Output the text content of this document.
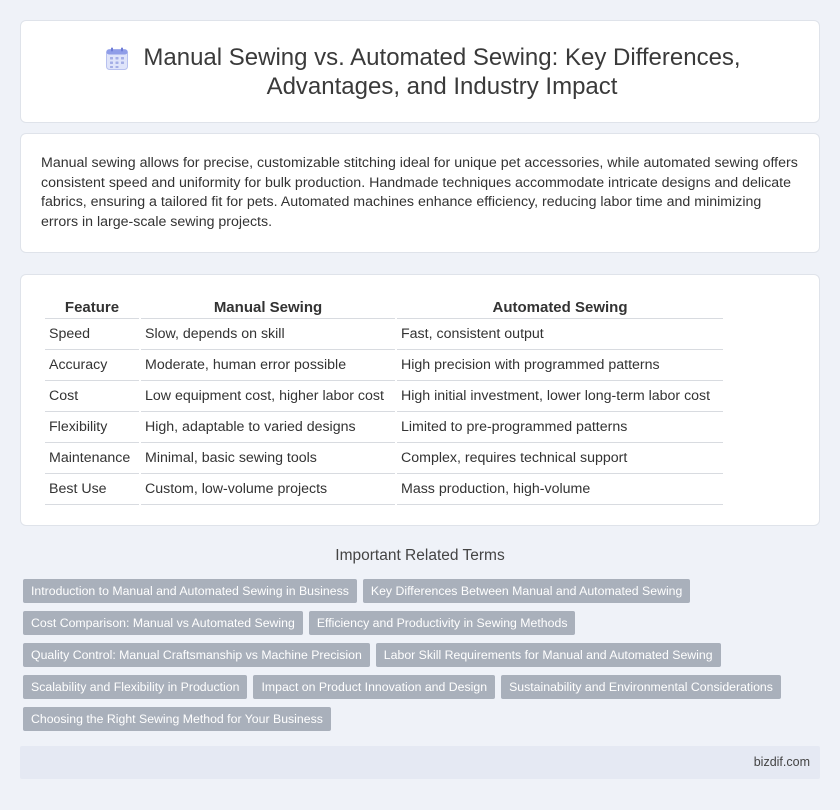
Manual Sewing vs. Automated Sewing: Key Differences, Advantages, and Industry Impact

Manual sewing allows for precise, customizable stitching ideal for unique pet accessories, while automated sewing offers consistent speed and uniformity for bulk production. Handmade techniques accommodate intricate designs and delicate fabrics, ensuring a tailored fit for pets. Automated machines enhance efficiency, reducing labor time and minimizing errors in large-scale sewing projects.

Feature	Manual Sewing	Automated Sewing
Speed	Slow, depends on skill	Fast, consistent output
Accuracy	Moderate, human error possible	High precision with programmed patterns
Cost	Low equipment cost, higher labor cost	High initial investment, lower long-term labor cost
Flexibility	High, adaptable to varied designs	Limited to pre-programmed patterns
Maintenance	Minimal, basic sewing tools	Complex, requires technical support
Best Use	Custom, low-volume projects	Mass production, high-volume
Important Related Terms
Introduction to Manual and Automated Sewing in Business	Key Differences Between Manual and Automated Sewing
Cost Comparison: Manual vs Automated Sewing	Efficiency and Productivity in Sewing Methods
Quality Control: Manual Craftsmanship vs Machine Precision	Labor Skill Requirements for Manual and Automated Sewing
Scalability and Flexibility in Production	Impact on Product Innovation and Design	Sustainability and Environmental Considerations
Choosing the Right Sewing Method for Your Business
bizdif.com
